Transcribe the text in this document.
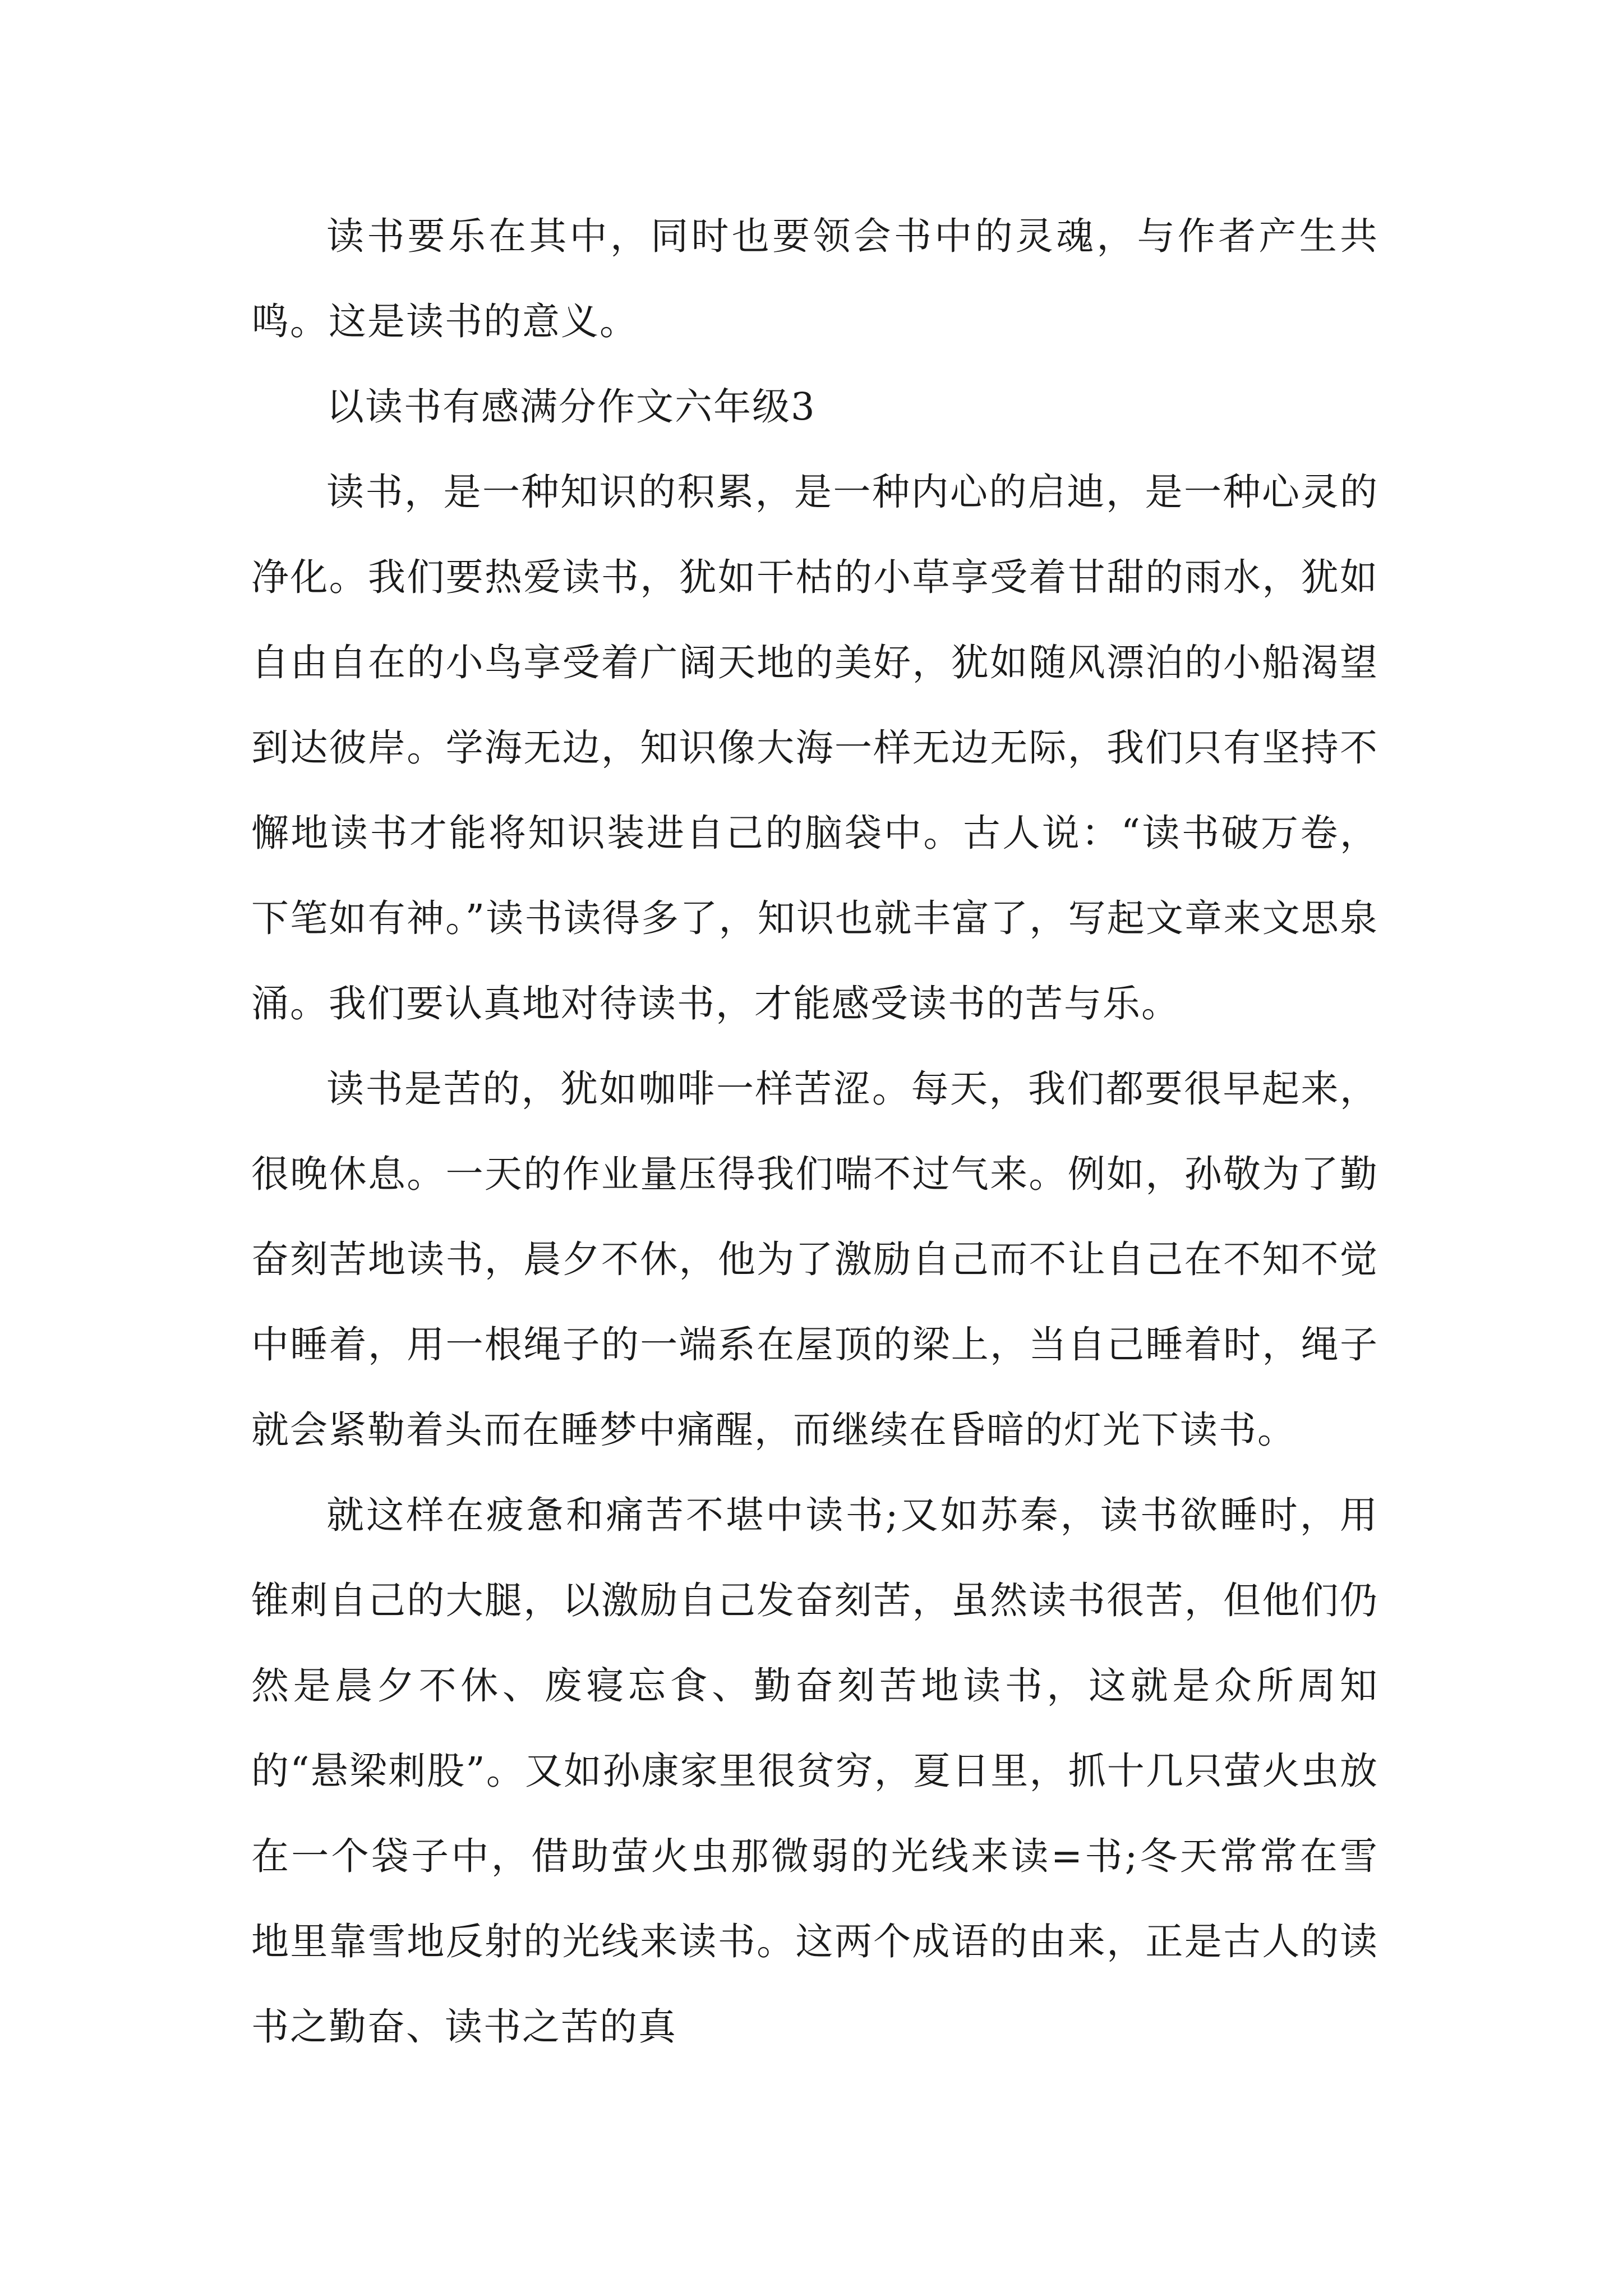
读书要乐在其中，同时也要领会书中的灵魂，与作者产生共鸣。这是读书的意义。

以读书有感满分作文六年级3

读书，是一种知识的积累，是一种内心的启迪，是一种心灵的净化。我们要热爱读书，犹如干枯的小草享受着甘甜的雨水，犹如自由自在的小鸟享受着广阔天地的美好，犹如随风漂泊的小船渴望到达彼岸。学海无边，知识像大海一样无边无际，我们只有坚持不懈地读书才能将知识装进自己的脑袋中。古人说：“读书破万卷，下笔如有神。”读书读得多了，知识也就丰富了，写起文章来文思泉涌。我们要认真地对待读书，才能感受读书的苦与乐。

读书是苦的，犹如咖啡一样苦涩。每天，我们都要很早起来，很晚休息。一天的作业量压得我们喘不过气来。例如，孙敬为了勤奋刻苦地读书，晨夕不休，他为了激励自己而不让自己在不知不觉中睡着，用一根绳子的一端系在屋顶的梁上，当自己睡着时，绳子就会紧勒着头而在睡梦中痛醒，而继续在昏暗的灯光下读书。

就这样在疲惫和痛苦不堪中读书;又如苏秦，读书欲睡时，用锥刺自己的大腿，以激励自己发奋刻苦，虽然读书很苦，但他们仍然是晨夕不休、废寝忘食、勤奋刻苦地读书，这就是众所周知的“悬梁刺股”。又如孙康家里很贫穷，夏日里，抓十几只萤火虫放在一个袋子中，借助萤火虫那微弱的光线来读=书;冬天常常在雪地里靠雪地反射的光线来读书。这两个成语的由来，正是古人的读书之勤奋、读书之苦的真
